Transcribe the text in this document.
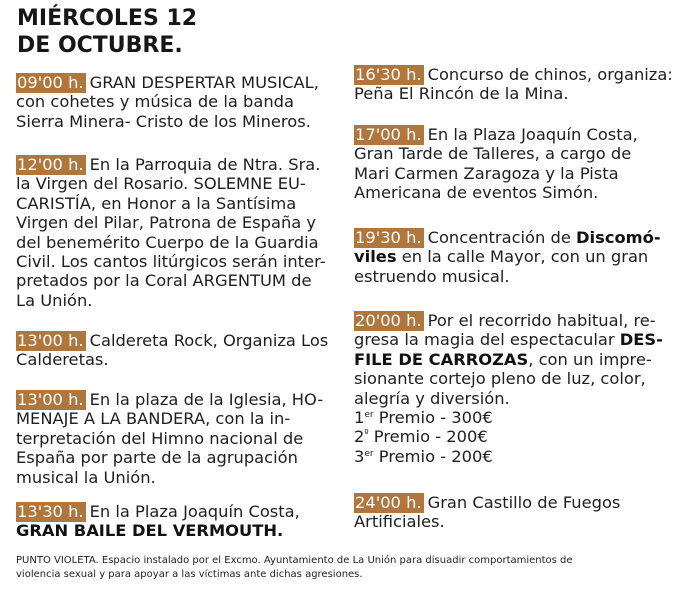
MIÉRCOLES 12
DE OCTUBRE.

09'00 h. GRAN DESPERTAR MUSICAL,

con cohetes y música de la banda

Sierra Minera- Cristo de los Mineros.

12'00 h. En la Parroquia de Ntra. Sra.

la Virgen del Rosario. SOLEMNE EU-

CARISTÍA, en Honor a la Santísima

Virgen del Pilar, Patrona de España y

del benemérito Cuerpo de la Guardia

Civil. Los cantos litúrgicos serán inter-

pretados por la Coral ARGENTUM de

La Unión.

13'00 h. Caldereta Rock, Organiza Los

Calderetas.

13'00 h. En la plaza de la Iglesia, HO-

MENAJE A LA BANDERA, con la in-

terpretación del Himno nacional de

España por parte de la agrupación

musical la Unión.

13'30 h. En la Plaza Joaquín Costa,

GRAN BAILE DEL VERMOUTH.

16'30 h. Concurso de chinos, organiza:

Peña El Rincón de la Mina.

17'00 h. En la Plaza Joaquín Costa,

Gran Tarde de Talleres, a cargo de

Mari Carmen Zaragoza y la Pista

Americana de eventos Simón.

19'30 h. Concentración de Discomó-

viles en la calle Mayor, con un gran

estruendo musical.

20'00 h. Por el recorrido habitual, re-

gresa la magia del espectacular DES-

FILE DE CARROZAS, con un impre-

sionante cortejo pleno de luz, color,

alegría y diversión.

1er Premio - 300€

$2^º$ Premio - 200€

3er Premio - 200€

24'00 h. Gran Castillo de Fuegos

Artificiales.

PUNTO VIOLETA. Espacio instalado por el Excmo. Ayuntamiento de La Unión para disuadir comportamientos de
violencia sexual y para apoyar a las víctimas ante dichas agresiones.
